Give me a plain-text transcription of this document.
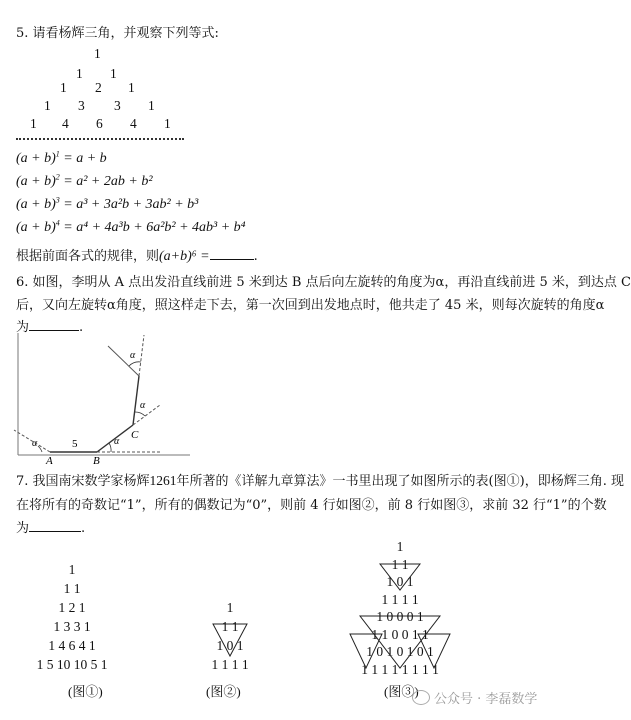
5. 请看杨辉三角，并观察下列等式:
1
1 1
1 2 1
1 3 3 1
1 4 6 4 1
$(a + b)^1 = a + b$
$(a + b)^2 = a^2 + 2ab + b^2$
$(a + b)^3 = a^3 + 3a^2b + 3ab^2 + b^3$
$(a + b)^4 = a^4 + 4a^3b + 6a^2b^2 + 4ab^3 + b^4$
根据前面各式的规律，则(a+b)⁶ =	.
6. 如图，李明从 A 点出发沿直线前进 5 米到达 B 点后向左旋转的角度为α，再沿直线前进 5 米，到达点 C
后，又向左旋转α角度，照这样走下去，第一次回到出发地点时，他共走了 45 米，则每次旋转的角度α
为	.
A	B
C
5
α	α
α
α
7. 我国南宋数学家杨辉1261年所著的《详解九章算法》一书里出现了如图所示的表(图①)，即杨辉三角. 现
在将所有的奇数记“1”，所有的偶数记为“0”，则前 4 行如图②，前 8 行如图③，求前 32 行“1”的个数
为	.
1
1 1
1 2 1
1 3 3 1
1 4 6 4 1
1 5 10 10 5 1
(图①)
1
1 1
1 0 1
1 1 1 1
(图②)
1
1 1
1 0 1
1 1 1 1
1 0 0 0 1
1 1 0 0 1 1
1 0 1 0 1 0 1
1 1 1 1 1 1 1 1
(图③)
公众号 · 李磊数学
